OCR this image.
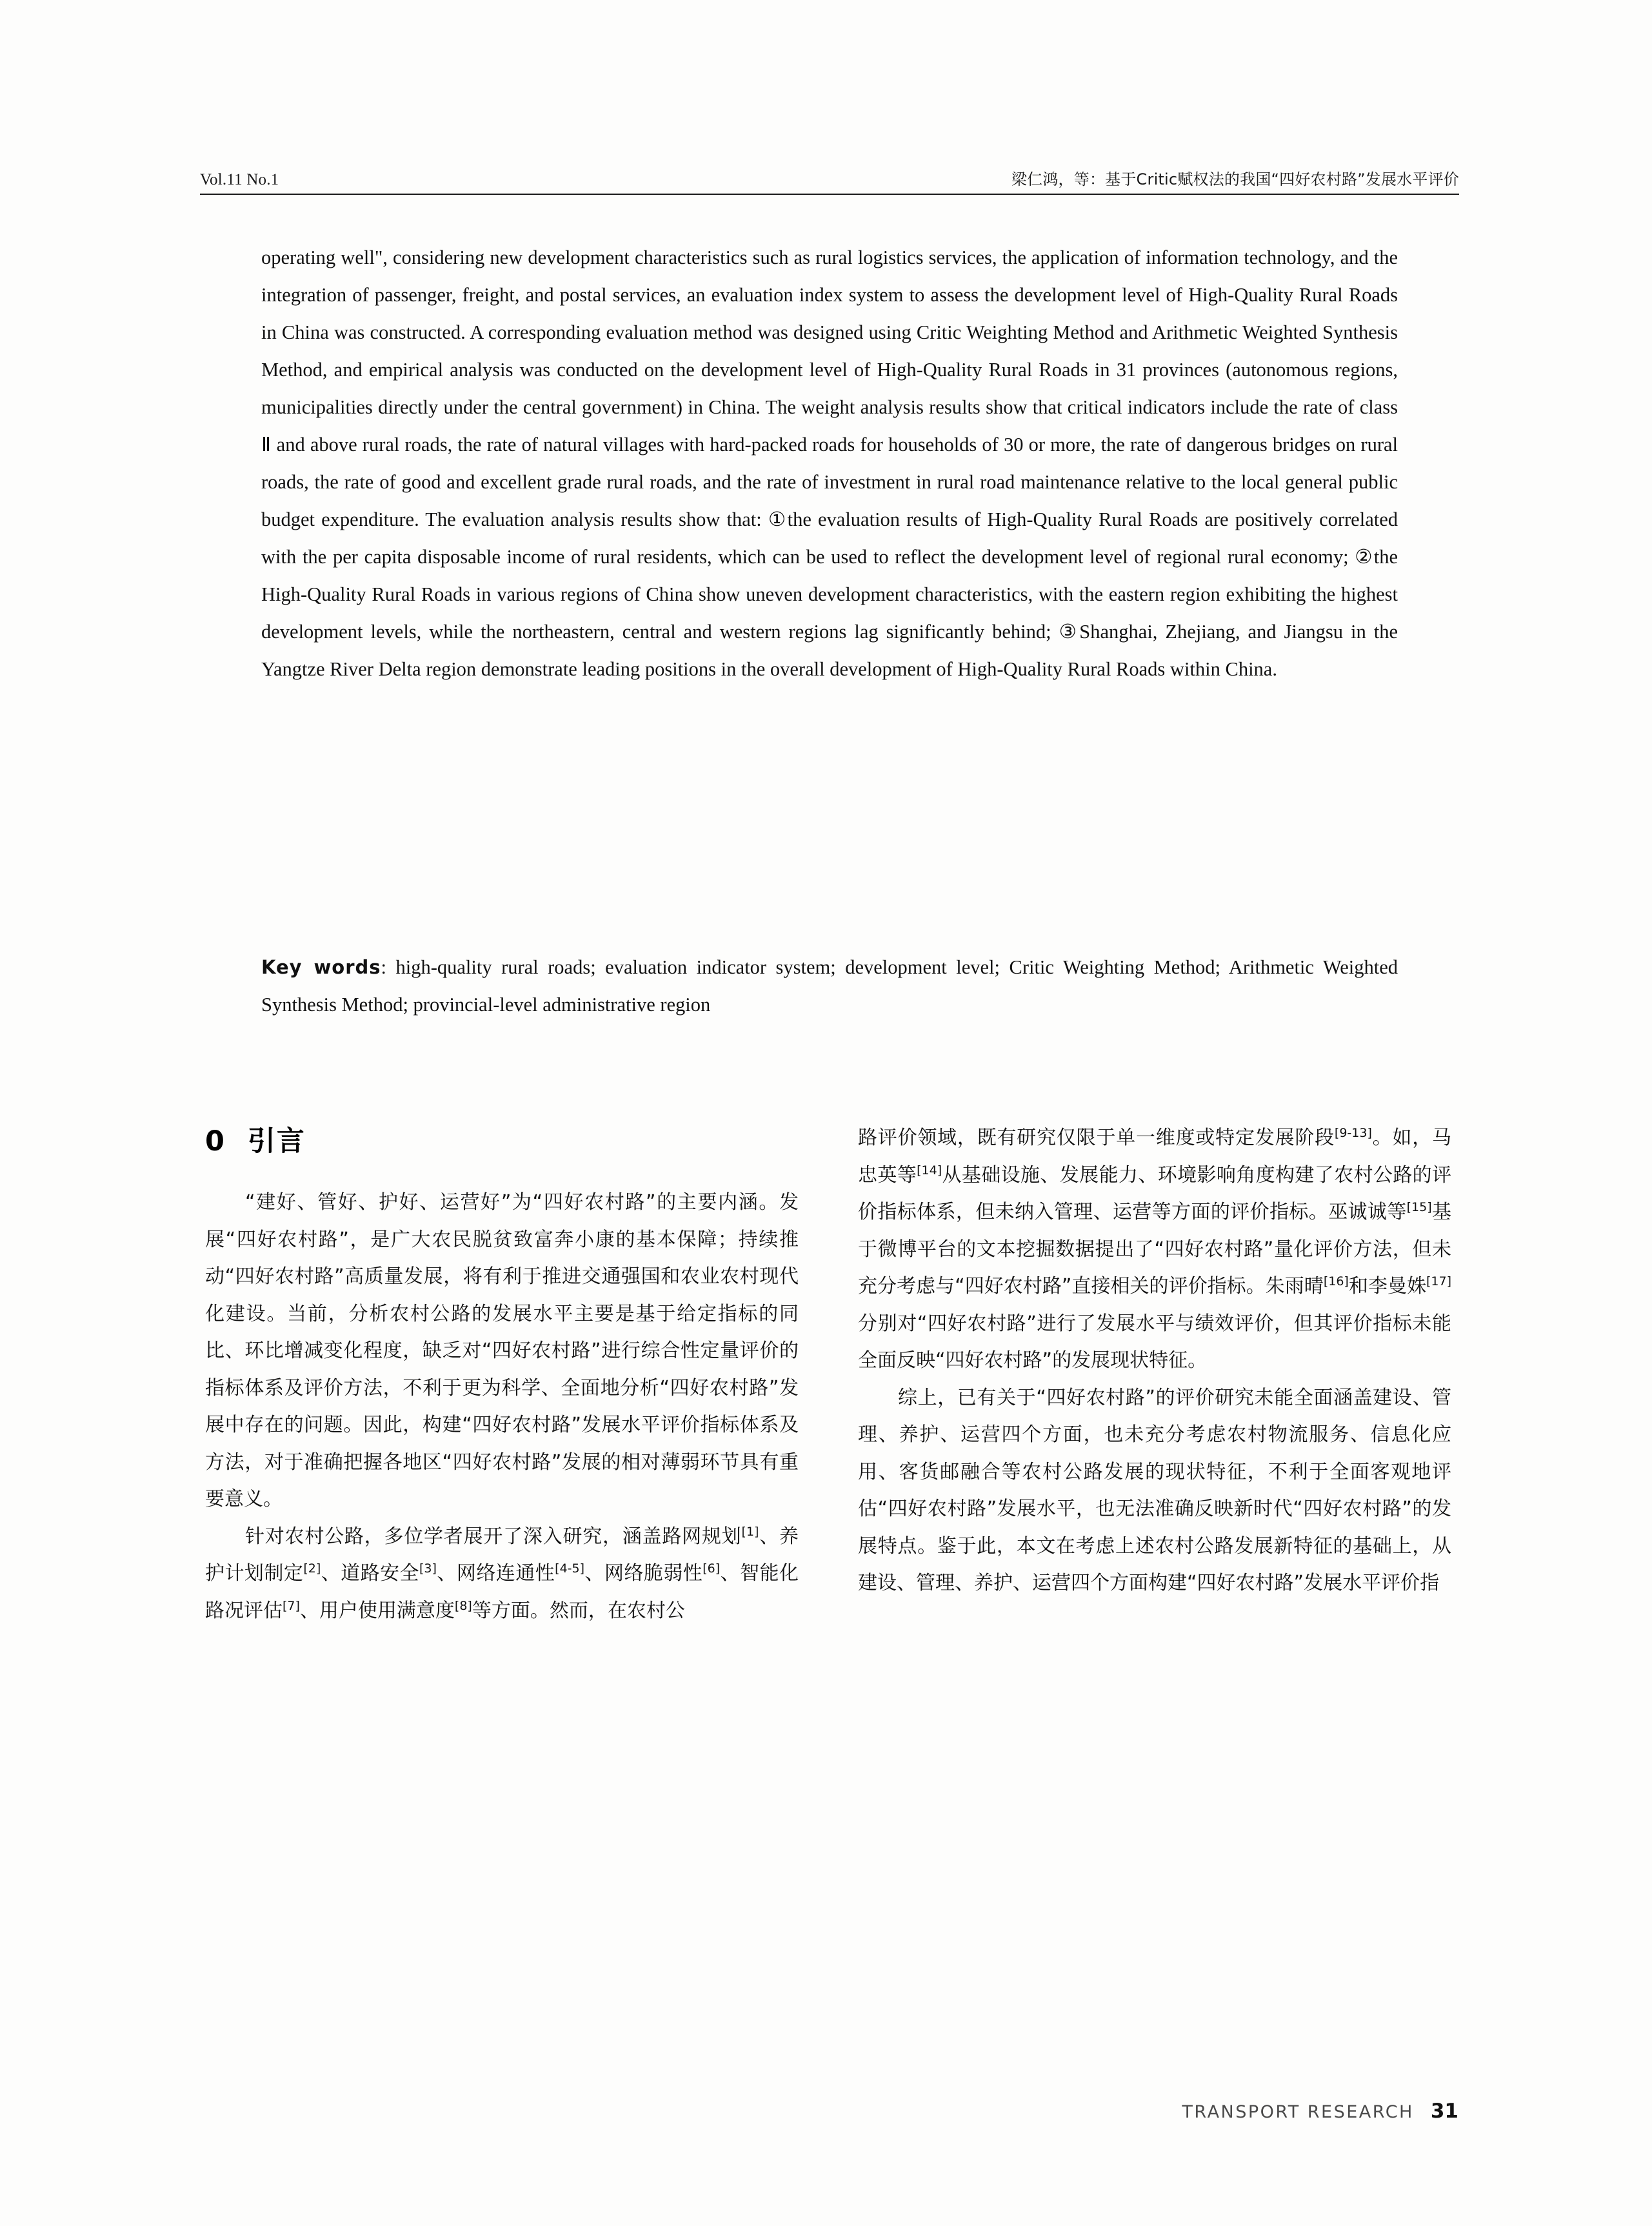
Vol.11 No.1	梁仁鸿，等：基于Critic赋权法的我国“四好农村路”发展水平评价

operating well", considering new development characteristics such as rural logistics services, the application of information technology, and the integration of passenger, freight, and postal services, an evaluation index system to assess the development level of High-Quality Rural Roads in China was constructed. A corresponding evaluation method was designed using Critic Weighting Method and Arithmetic Weighted Synthesis Method, and empirical analysis was conducted on the development level of High-Quality Rural Roads in 31 provinces (autonomous regions, municipalities directly under the central government) in China. The weight analysis results show that critical indicators include the rate of class Ⅱ and above rural roads, the rate of natural villages with hard-packed roads for households of 30 or more, the rate of dangerous bridges on rural roads, the rate of good and excellent grade rural roads, and the rate of investment in rural road maintenance relative to the local general public budget expenditure. The evaluation analysis results show that: ①the evaluation results of High-Quality Rural Roads are positively correlated with the per capita disposable income of rural residents, which can be used to reflect the development level of regional rural economy; ②the High-Quality Rural Roads in various regions of China show uneven development characteristics, with the eastern region exhibiting the highest development levels, while the northeastern, central and western regions lag significantly behind; ③Shanghai, Zhejiang, and Jiangsu in the Yangtze River Delta region demonstrate leading positions in the overall development of High-Quality Rural Roads within China.

Key words: high-quality rural roads; evaluation indicator system; development level; Critic Weighting Method; Arithmetic Weighted Synthesis Method; provincial-level administrative region
0 引言

“建好、管好、护好、运营好”为“四好农村路”的主要内涵。发展“四好农村路”，是广大农民脱贫致富奔小康的基本保障；持续推动“四好农村路”高质量发展，将有利于推进交通强国和农业农村现代化建设。当前，分析农村公路的发展水平主要是基于给定指标的同比、环比增减变化程度，缺乏对“四好农村路”进行综合性定量评价的指标体系及评价方法，不利于更为科学、全面地分析“四好农村路”发展中存在的问题。因此，构建“四好农村路”发展水平评价指标体系及方法，对于准确把握各地区“四好农村路”发展的相对薄弱环节具有重要意义。

针对农村公路，多位学者展开了深入研究，涵盖路网规划[1]、养护计划制定[2]、道路安全[3]、网络连通性[4-5]、网络脆弱性[6]、智能化路况评估[7]、用户使用满意度[8]等方面。然而，在农村公

路评价领域，既有研究仅限于单一维度或特定发展阶段[9-13]。如，马忠英等[14]从基础设施、发展能力、环境影响角度构建了农村公路的评价指标体系，但未纳入管理、运营等方面的评价指标。巫诚诚等[15]基于微博平台的文本挖掘数据提出了“四好农村路”量化评价方法，但未充分考虑与“四好农村路”直接相关的评价指标。朱雨晴[16]和李曼姝[17]分别对“四好农村路”进行了发展水平与绩效评价，但其评价指标未能全面反映“四好农村路”的发展现状特征。

综上，已有关于“四好农村路”的评价研究未能全面涵盖建设、管理、养护、运营四个方面，也未充分考虑农村物流服务、信息化应用、客货邮融合等农村公路发展的现状特征，不利于全面客观地评估“四好农村路”发展水平，也无法准确反映新时代“四好农村路”的发展特点。鉴于此，本文在考虑上述农村公路发展新特征的基础上，从建设、管理、养护、运营四个方面构建“四好农村路”发展水平评价指

TRANSPORT RESEARCH 31
